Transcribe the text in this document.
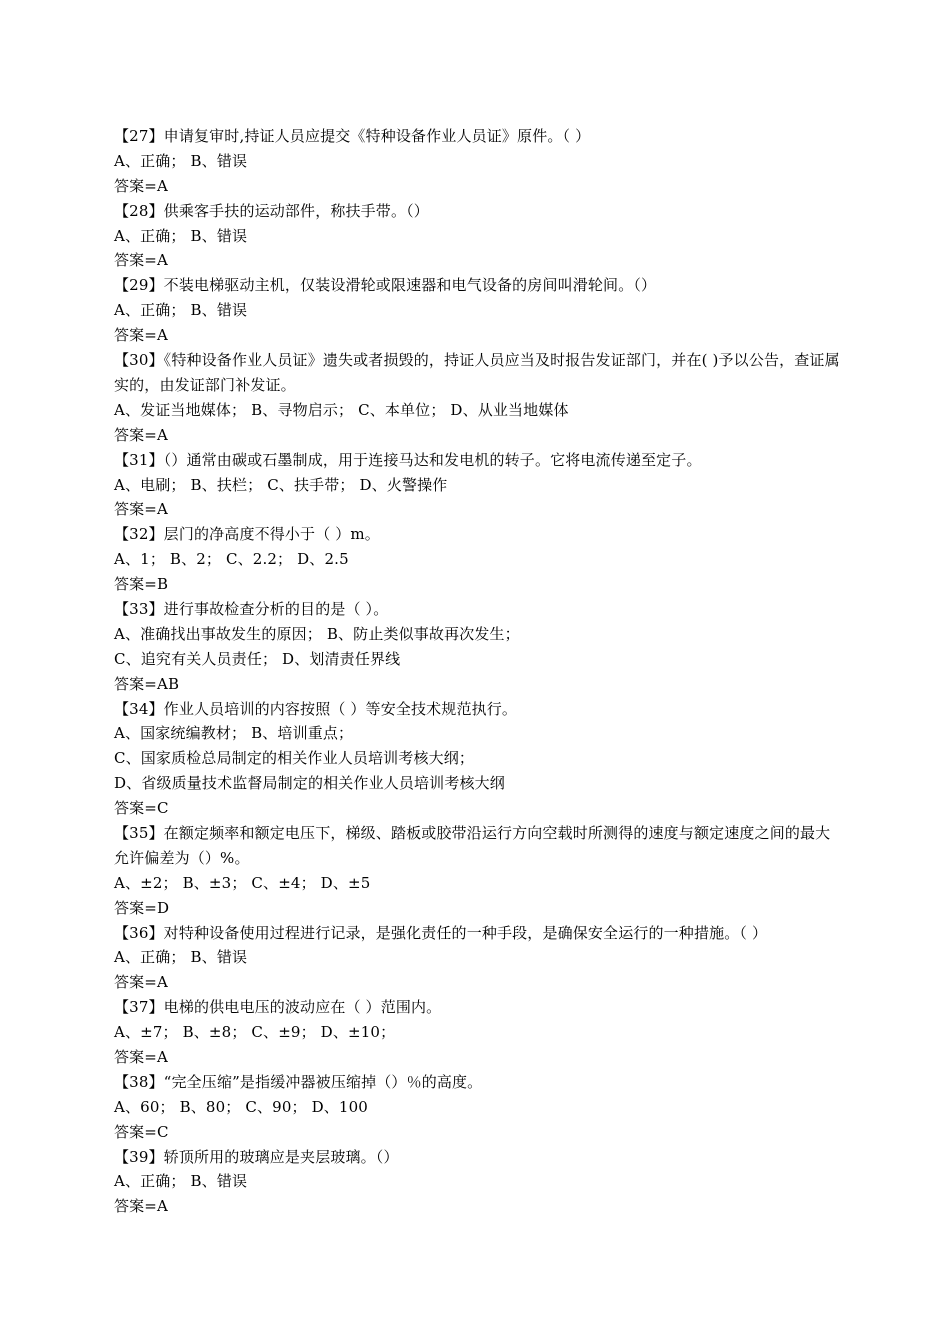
【27】申请复审时,持证人员应提交《特种设备作业人员证》原件。（ ）
A、正确； B、错误
答案=A
【28】供乘客手扶的运动部件，称扶手带。（）
A、正确； B、错误
答案=A
【29】不装电梯驱动主机，仅装设滑轮或限速器和电气设备的房间叫滑轮间。（）
A、正确； B、错误
答案=A
【30】《特种设备作业人员证》遗失或者损毁的，持证人员应当及时报告发证部门，并在( )予以公告，查证属实的，由发证部门补发证。
A、发证当地媒体； B、寻物启示； C、本单位； D、从业当地媒体
答案=A
【31】（）通常由碳或石墨制成，用于连接马达和发电机的转子。它将电流传递至定子。
A、电刷； B、扶栏； C、扶手带； D、火警操作
答案=A
【32】层门的净高度不得小于（ ）m。
A、1； B、2； C、2.2； D、2.5
答案=B
【33】进行事故检查分析的目的是（ ）。
A、准确找出事故发生的原因； B、防止类似事故再次发生；
C、追究有关人员责任； D、划清责任界线
答案=AB
【34】作业人员培训的内容按照（ ）等安全技术规范执行。
A、国家统编教材； B、培训重点；
C、国家质检总局制定的相关作业人员培训考核大纲；
D、省级质量技术监督局制定的相关作业人员培训考核大纲
答案=C
【35】在额定频率和额定电压下，梯级、踏板或胶带沿运行方向空载时所测得的速度与额定速度之间的最大允许偏差为（）%。
A、±2； B、±3； C、±4； D、±5
答案=D
【36】对特种设备使用过程进行记录，是强化责任的一种手段，是确保安全运行的一种措施。（ ）
A、正确； B、错误
答案=A
【37】电梯的供电电压的波动应在（ ）范围内。
A、±7； B、±8； C、±9； D、±10；
答案=A
【38】“完全压缩”是指缓冲器被压缩掉（）％的高度。
A、60； B、80； C、90； D、100
答案=C
【39】轿顶所用的玻璃应是夹层玻璃。（）
A、正确； B、错误
答案=A
